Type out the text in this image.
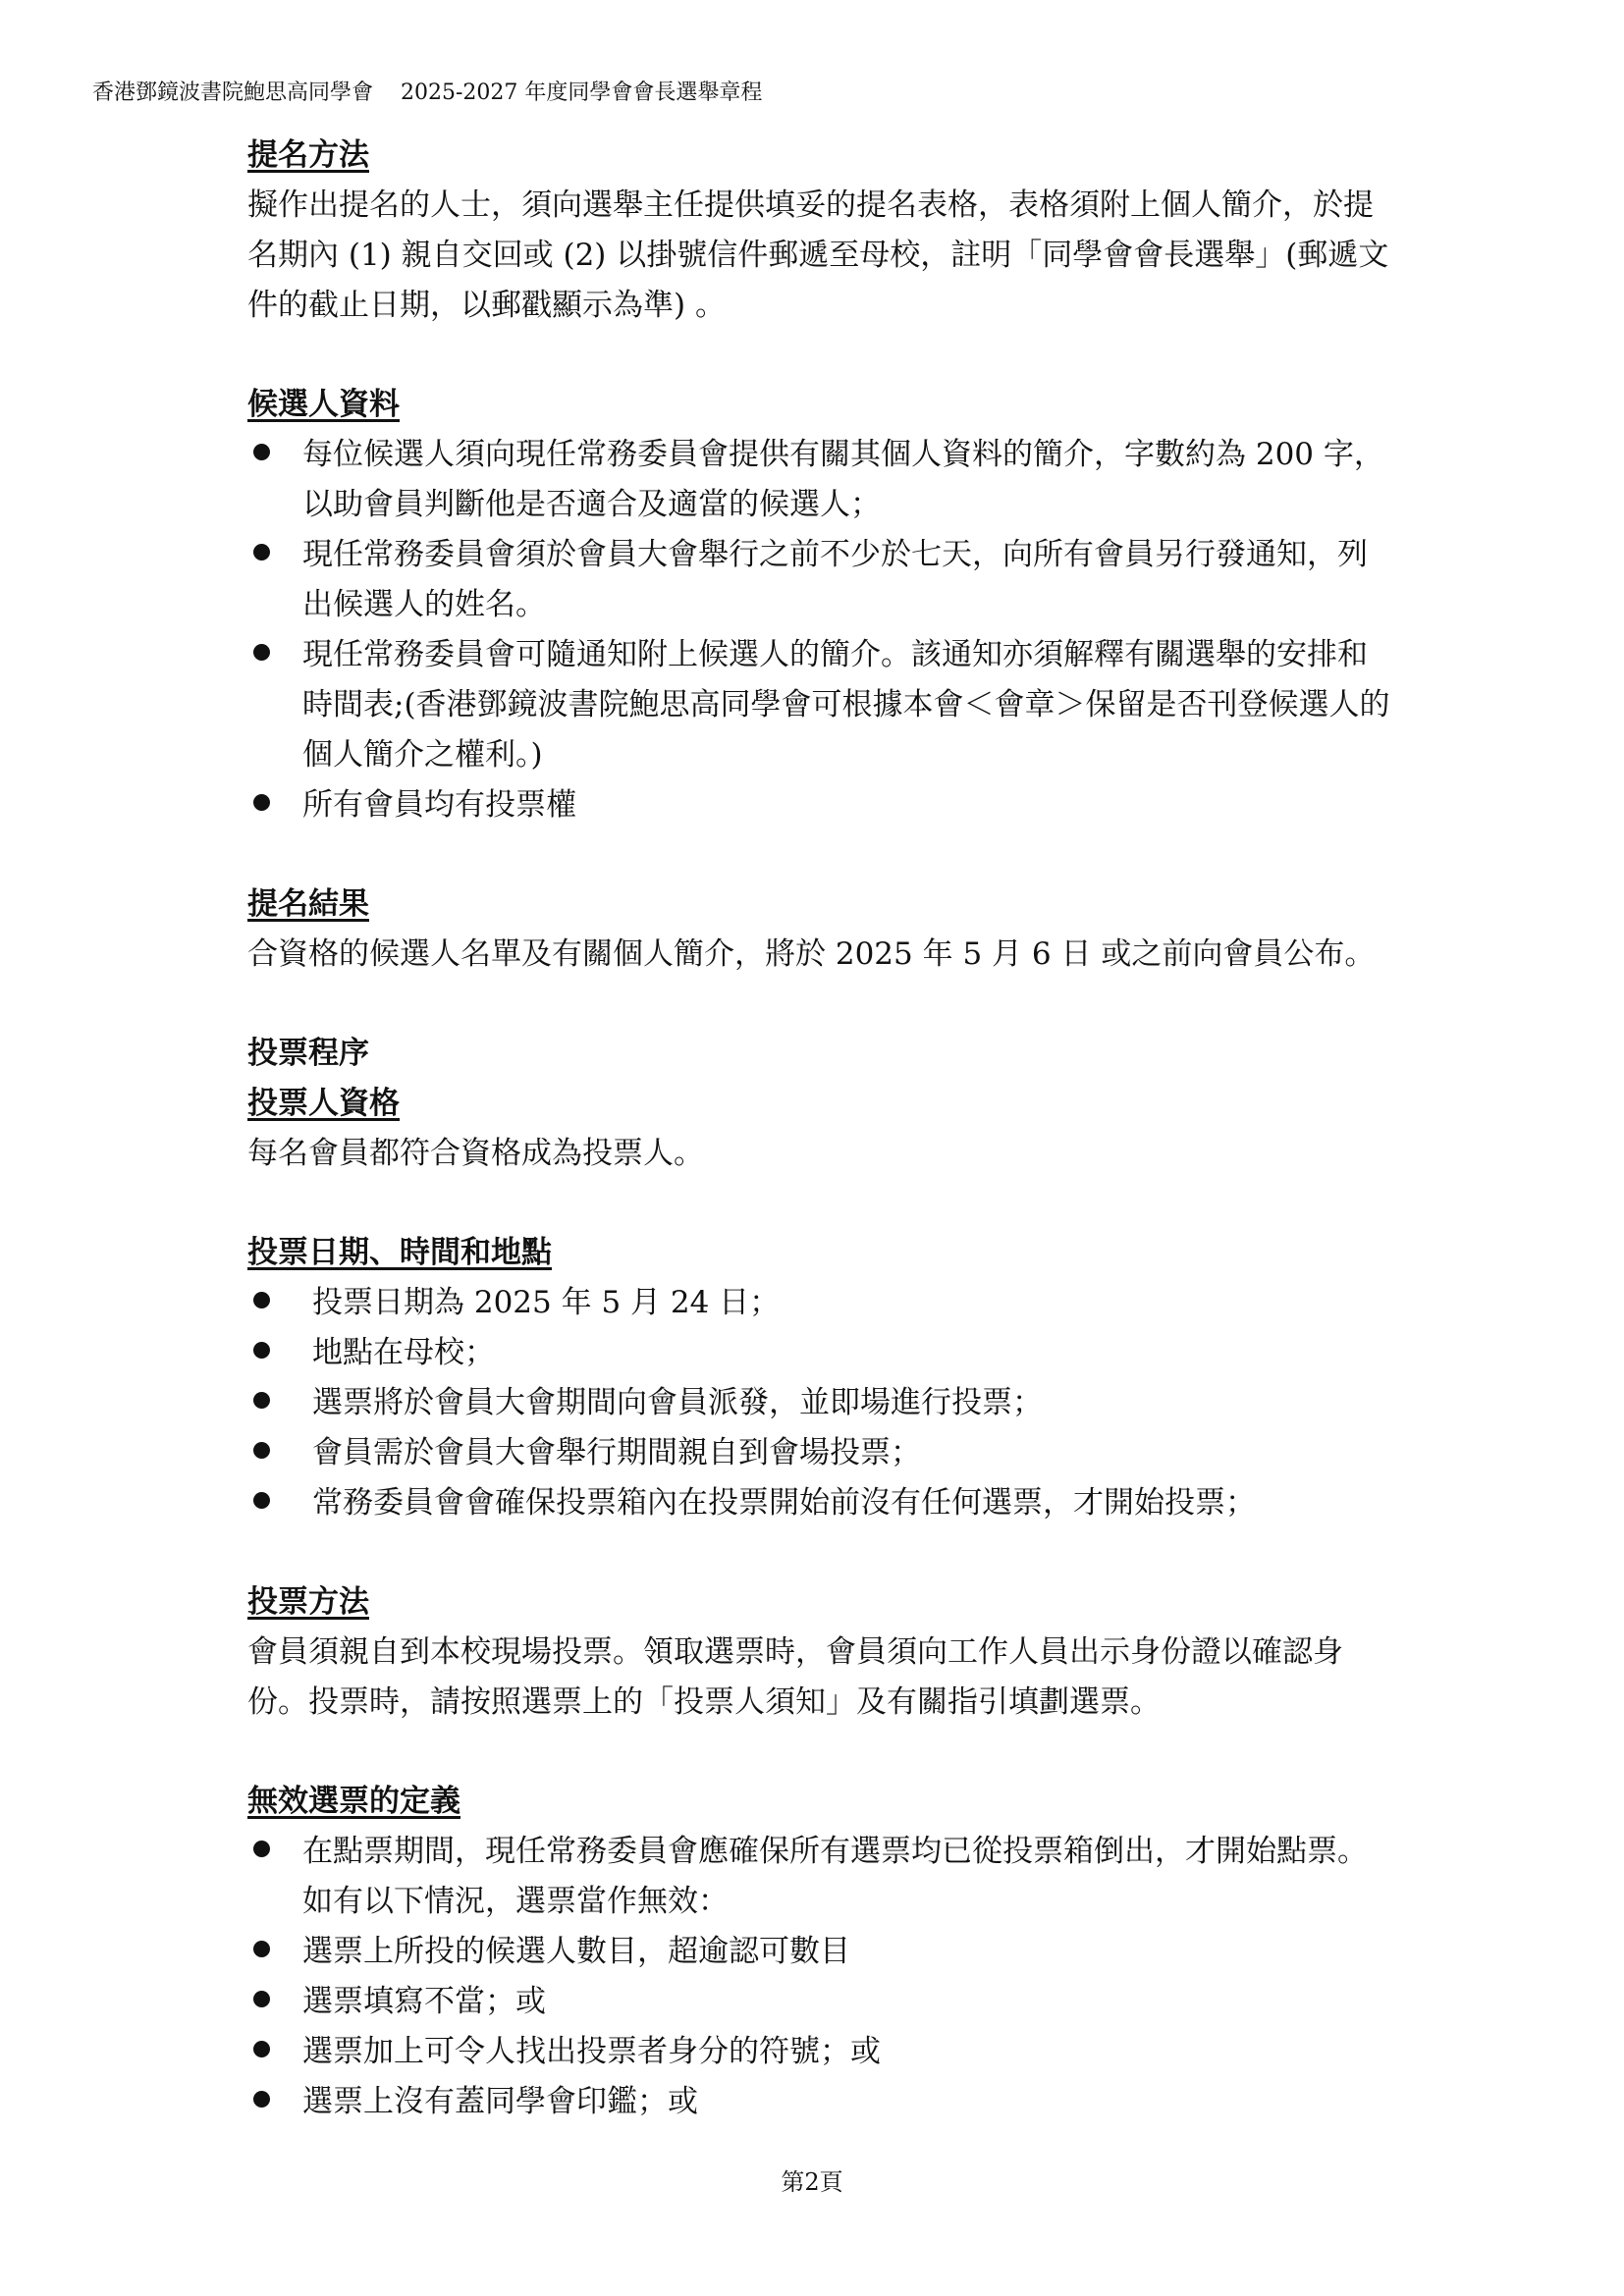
香港鄧鏡波書院鮑思高同學會 2025-2027 年度同學會會長選舉章程
提名方法

擬作出提名的人士，須向選舉主任提供填妥的提名表格，表格須附上個人簡介，於提名期內 (1) 親自交回或 (2) 以掛號信件郵遞至母校，註明「同學會會長選舉」(郵遞文件的截止日期，以郵戳顯示為準) 。

候選人資料
每位候選人須向現任常務委員會提供有關其個人資料的簡介，字數約為 200 字，以助會員判斷他是否適合及適當的候選人；
現任常務委員會須於會員大會舉行之前不少於七天，向所有會員另行發通知，列出候選人的姓名。
現任常務委員會可隨通知附上候選人的簡介。該通知亦須解釋有關選舉的安排和時間表;(香港鄧鏡波書院鮑思高同學會可根據本會＜會章＞保留是否刊登候選人的個人簡介之權利。)
所有會員均有投票權
提名結果

合資格的候選人名單及有關個人簡介，將於 2025 年 5 月 6 日 或之前向會員公布。

投票程序
投票人資格

每名會員都符合資格成為投票人。

投票日期、時間和地點
投票日期為 2025 年 5 月 24 日；
地點在母校；
選票將於會員大會期間向會員派發，並即場進行投票；
會員需於會員大會舉行期間親自到會場投票；
常務委員會會確保投票箱內在投票開始前沒有任何選票，才開始投票；
投票方法

會員須親自到本校現場投票。領取選票時，會員須向工作人員出示身份證以確認身份。投票時，請按照選票上的「投票人須知」及有關指引填劃選票。

無效選票的定義
在點票期間，現任常務委員會應確保所有選票均已從投票箱倒出，才開始點票。如有以下情況，選票當作無效：
選票上所投的候選人數目，超逾認可數目
選票填寫不當；或
選票加上可令人找出投票者身分的符號；或
選票上沒有蓋同學會印鑑；或
第2頁
